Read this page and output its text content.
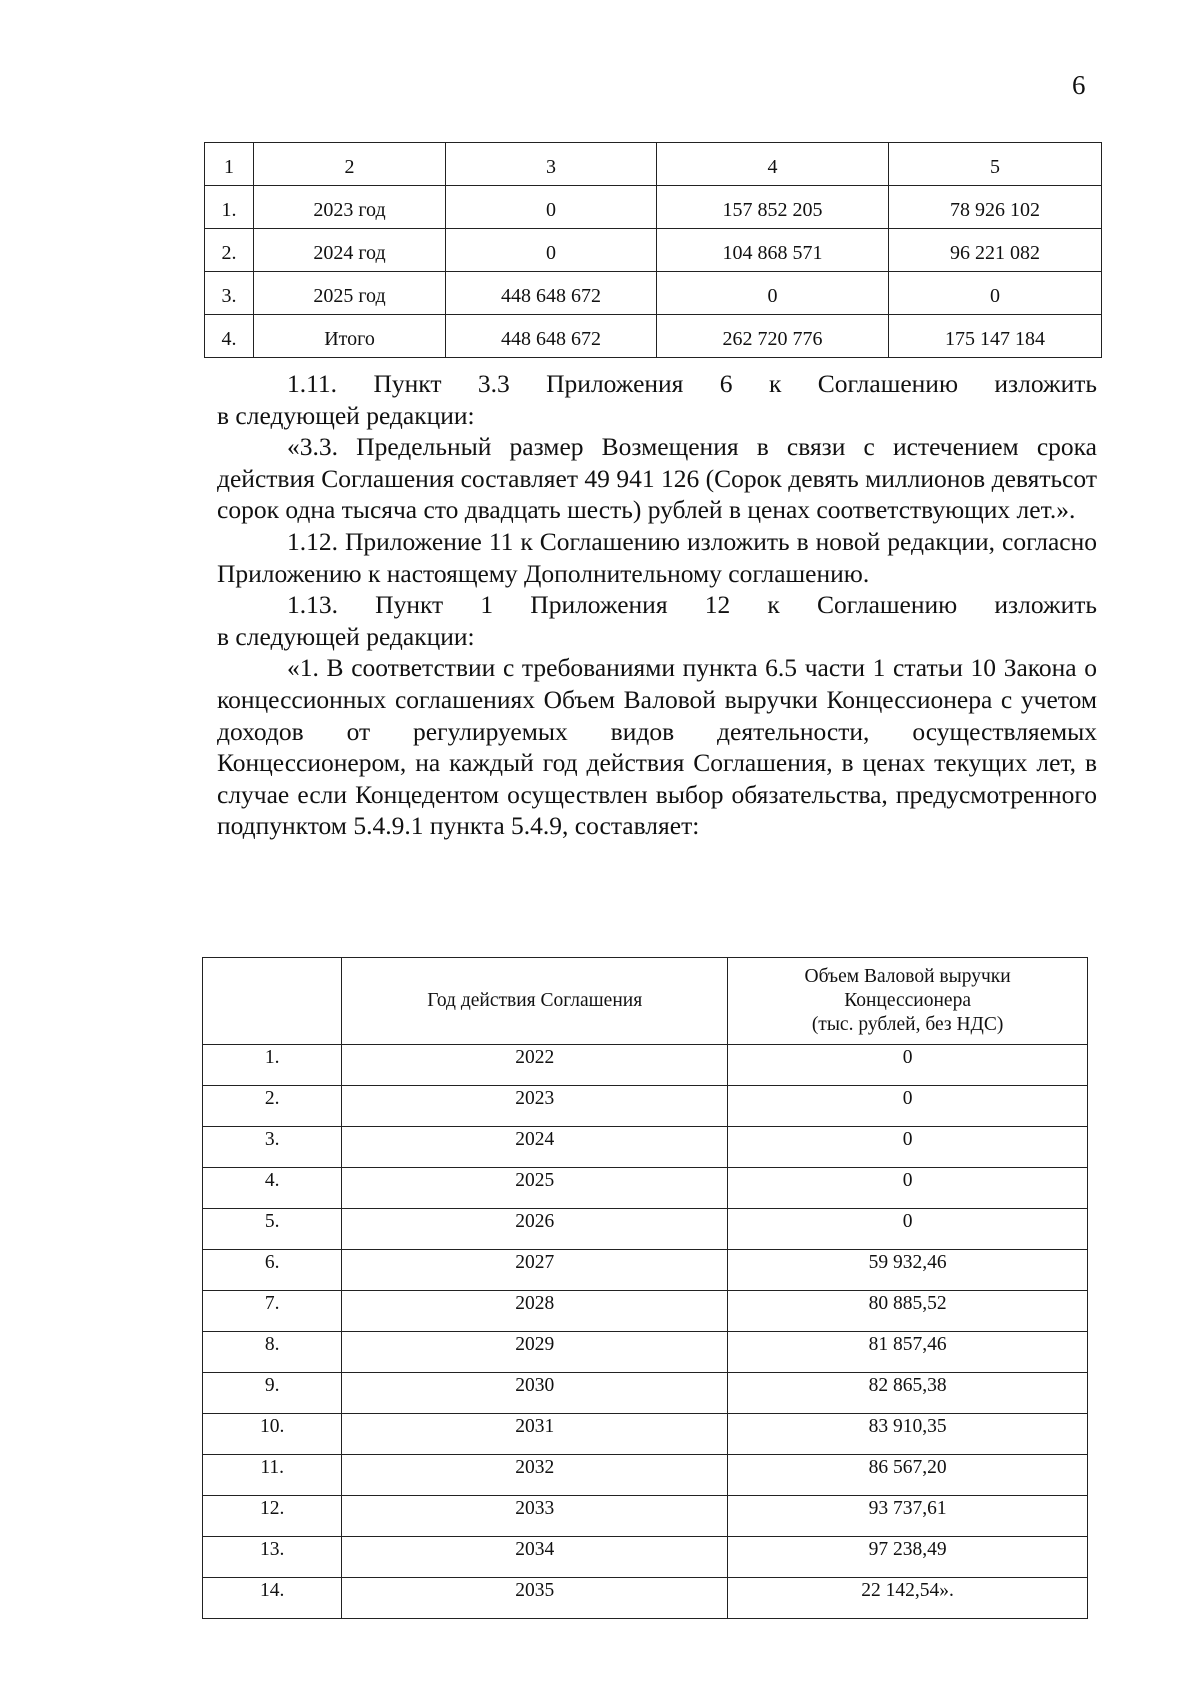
6
1	2	3	4	5
1.	2023 год	0	157 852 205	78 926 102
2.	2024 год	0	104 868 571	96 221 082
3.	2025 год	448 648 672	0	0
4.	Итого	448 648 672	262 720 776	175 147 184

1.11. Пункт 3.3 Приложения 6 к Соглашению изложить

в следующей редакции:

«3.3. Предельный размер Возмещения в связи с истечением срока действия Соглашения составляет 49 941 126 (Сорок девять миллионов девятьсот сорок одна тысяча сто двадцать шесть) рублей в ценах соответствующих лет.».

1.12. Приложение 11 к Соглашению изложить в новой редакции, согласно Приложению к настоящему Дополнительному соглашению.

1.13. Пункт 1 Приложения 12 к Соглашению изложить

в следующей редакции:

«1. В соответствии с требованиями пункта 6.5 части 1 статьи 10 Закона о концессионных соглашениях Объем Валовой выручки Концессионера с учетом доходов от регулируемых видов деятельности, осуществляемых Концессионером, на каждый год действия Соглашения, в ценах текущих лет, в случае если Концедентом осуществлен выбор обязательства, предусмотренного подпунктом 5.4.9.1 пункта 5.4.9, составляет:

	Год действия Соглашения	Объем Валовой выручки
Концессионера
(тыс. рублей, без НДС)

1.	2022	0
2.	2023	0
3.	2024	0
4.	2025	0
5.	2026	0
6.	2027	59 932,46
7.	2028	80 885,52
8.	2029	81 857,46
9.	2030	82 865,38
10.	2031	83 910,35
11.	2032	86 567,20
12.	2033	93 737,61
13.	2034	97 238,49
14.	2035	22 142,54».
